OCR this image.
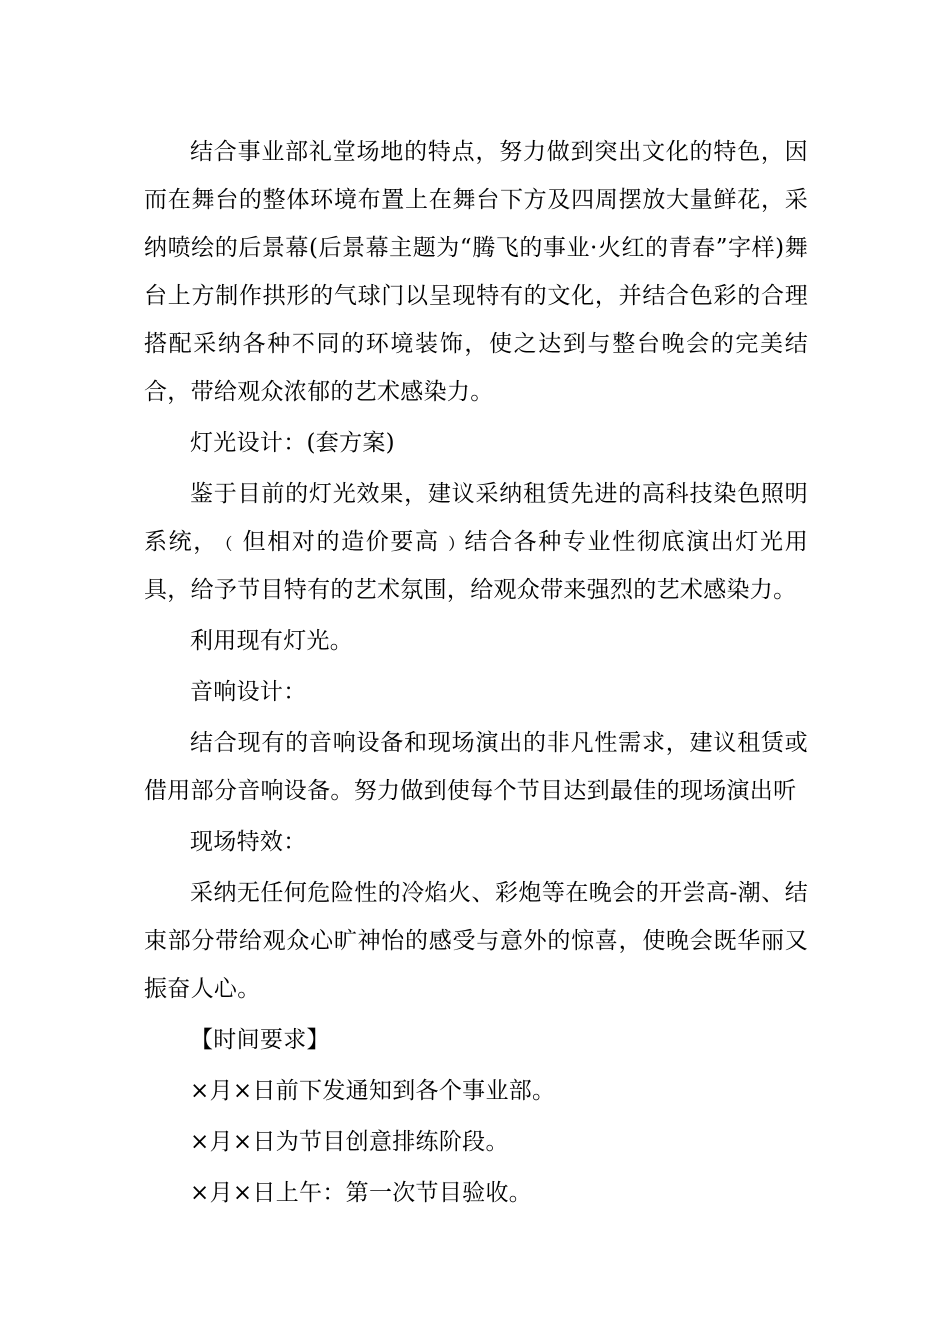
结合事业部礼堂场地的特点，努力做到突出文化的特色，因而在舞台的整体环境布置上在舞台下方及四周摆放大量鲜花，采纳喷绘的后景幕(后景幕主题为“腾飞的事业·火红的青春”字样)舞台上方制作拱形的气球门以呈现特有的文化，并结合色彩的合理搭配采纳各种不同的环境装饰，使之达到与整台晚会的完美结合，带给观众浓郁的艺术感染力。

灯光设计：(套方案)

鉴于目前的灯光效果，建议采纳租赁先进的高科技染色照明系统，﹙但相对的造价要高﹚结合各种专业性彻底演出灯光用具，给予节目特有的艺术氛围，给观众带来强烈的艺术感染力。

利用现有灯光。

音响设计：

结合现有的音响设备和现场演出的非凡性需求，建议租赁或借用部分音响设备。努力做到使每个节目达到最佳的现场演出听

现场特效：

采纳无任何危险性的冷焰火、彩炮等在晚会的开尝高-潮、结束部分带给观众心旷神怡的感受与意外的惊喜，使晚会既华丽又振奋人心。

【时间要求】

×月×日前下发通知到各个事业部。

×月×日为节目创意排练阶段。

×月×日上午：第一次节目验收。
